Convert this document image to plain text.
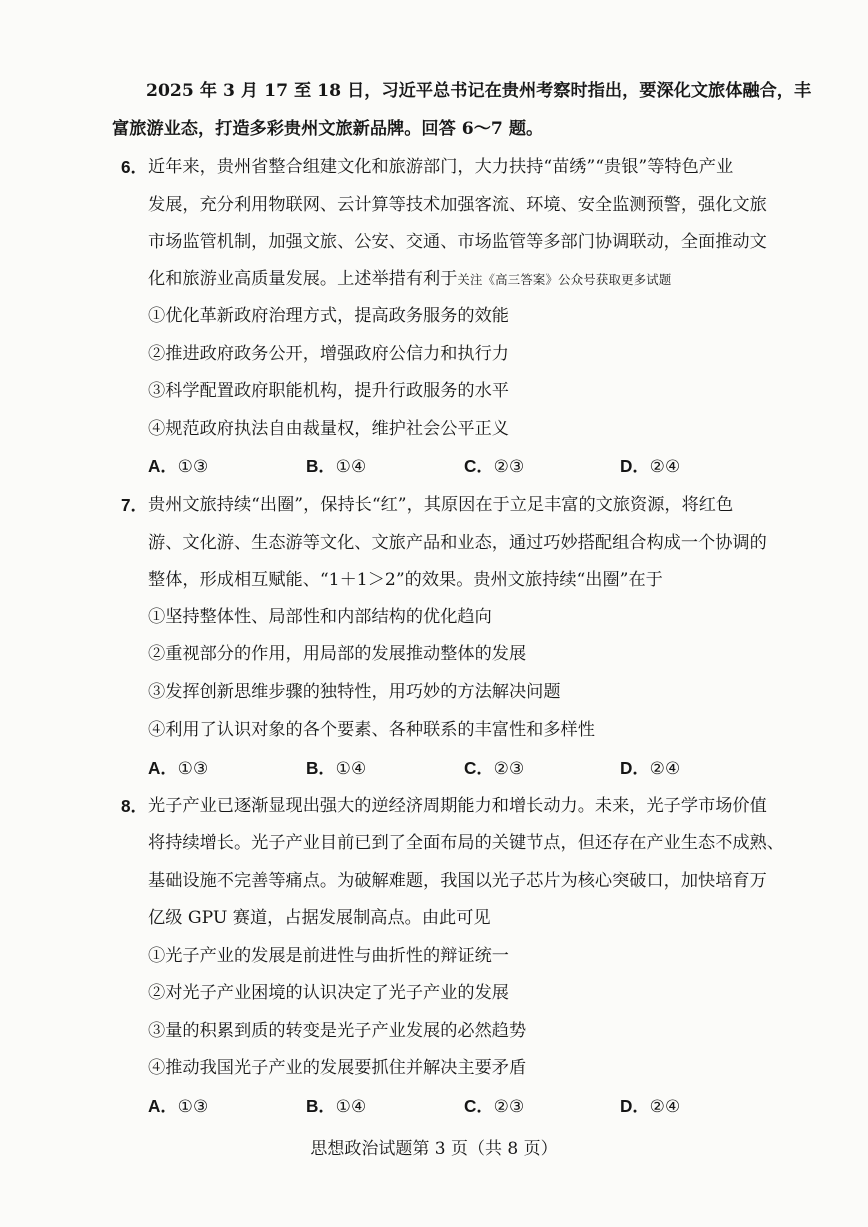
2025 年 3 月 17 至 18 日，习近平总书记在贵州考察时指出，要深化文旅体融合，丰
富旅游业态，打造多彩贵州文旅新品牌。回答 6～7 题。
6． 近年来，贵州省整合组建文化和旅游部门，大力扶持“苗绣”“贵银”等特色产业
发展，充分利用物联网、云计算等技术加强客流、环境、安全监测预警，强化文旅
市场监管机制，加强文旅、公安、交通、市场监管等多部门协调联动，全面推动文
化和旅游业高质量发展。上述举措有利于关注《高三答案》公众号获取更多试题
①优化革新政府治理方式，提高政务服务的效能
②推进政府政务公开，增强政府公信力和执行力
③科学配置政府职能机构，提升行政服务的水平
④规范政府执法自由裁量权，维护社会公平正义
A．①③	B．①④	C．②③	D．②④
7． 贵州文旅持续“出圈”，保持长“红”，其原因在于立足丰富的文旅资源，将红色
游、文化游、生态游等文化、文旅产品和业态，通过巧妙搭配组合构成一个协调的
整体，形成相互赋能、“1＋1＞2”的效果。贵州文旅持续“出圈”在于
①坚持整体性、局部性和内部结构的优化趋向
②重视部分的作用，用局部的发展推动整体的发展
③发挥创新思维步骤的独特性，用巧妙的方法解决问题
④利用了认识对象的各个要素、各种联系的丰富性和多样性
A．①③	B．①④	C．②③	D．②④
8． 光子产业已逐渐显现出强大的逆经济周期能力和增长动力。未来，光子学市场价值
将持续增长。光子产业目前已到了全面布局的关键节点，但还存在产业生态不成熟、
基础设施不完善等痛点。为破解难题，我国以光子芯片为核心突破口，加快培育万
亿级 GPU 赛道，占据发展制高点。由此可见
①光子产业的发展是前进性与曲折性的辩证统一
②对光子产业困境的认识决定了光子产业的发展
③量的积累到质的转变是光子产业发展的必然趋势
④推动我国光子产业的发展要抓住并解决主要矛盾
A．①③	B．①④	C．②③	D．②④
思想政治试题第 3 页（共 8 页）
